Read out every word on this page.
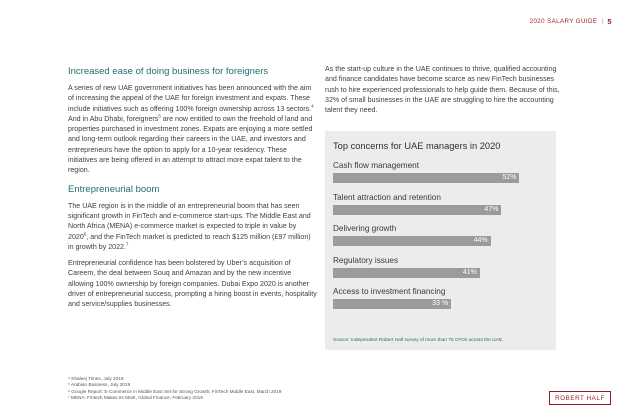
2020 SALARY GUIDE | 5
Increased ease of doing business for foreigners

A series of new UAE government initiatives has been announced with the aim of increasing the appeal of the UAE for foreign investment and expats. These include initiatives such as offering 100% foreign ownership across 13 sectors.$^4$ And in Abu Dhabi, foreigners$^5$ are now entitled to own the freehold of land and properties purchased in investment zones. Expats are enjoying a more settled and long-term outlook regarding their careers in the UAE, and investors and entrepreneurs have the option to apply for a 10-year residency. These initiatives are being offered in an attempt to attract more expat talent to the region.

Entrepreneurial boom

The UAE region is in the middle of an entrepreneurial boom that has seen significant growth in FinTech and e-commerce start-ups. The Middle East and North Africa (MENA) e-commerce market is expected to triple in value by 2020$^6$, and the FinTech market is predicted to reach $125 million (£97 million) in growth by 2022.$^7$

Entrepreneurial confidence has been bolstered by Uber’s acquisition of Careem, the deal between Souq and Amazan and by the new incentive allowing 100% ownership by foreign companies. Dubai Expo 2020 is another driver of entrepreneurial success, prompting a hiring boost in events, hospitality and service/supplies businesses.

As the start-up culture in the UAE continues to thrive, qualified accounting and finance candidates have become scarce as new FinTech businesses rush to hire experienced professionals to help guide them. Because of this, 32% of small businesses in the UAE are struggling to hire the accounting talent they need.

Top concerns for UAE managers in 2020
Cash flow management
52%
Talent attraction and retention
47%
Delivering growth
44%
Regulatory issues
41%
Access to investment financing
33 %
Source: Independent Robert Half survey of more than 75 CFOs across the UAE.
⁴ Khaleej Times, July 2019
⁵ Arabian Business, July 2019
⁶ Google Report: E-Commerce in Middle East Set for Strong Growth, FinTech Middle East, March 2019
⁷ MENA: Fintech Makes Its Mark, Global Finance, February 2019	ROBERT HALF
